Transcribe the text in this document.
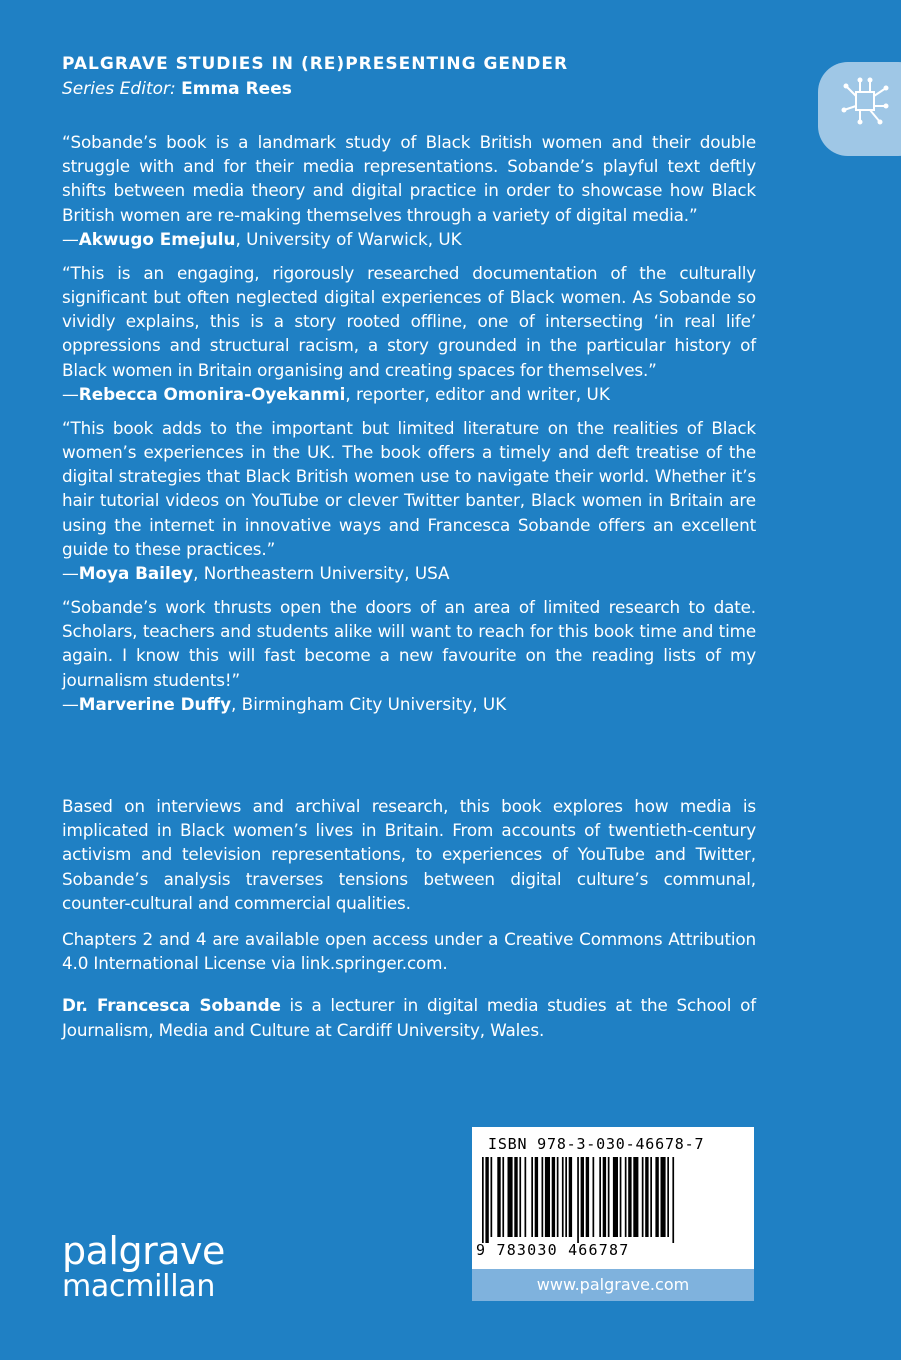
PALGRAVE STUDIES IN (RE)PRESENTING GENDER
Series Editor: Emma Rees

“Sobande’s book is a landmark study of Black British women and their double struggle with and for their media representations. Sobande’s playful text deftly shifts between media theory and digital practice in order to showcase how Black British women are re-making themselves through a variety of digital media.”

—Akwugo Emejulu, University of Warwick, UK

“This is an engaging, rigorously researched documentation of the culturally significant but often neglected digital experiences of Black women. As Sobande so vividly explains, this is a story rooted offline, one of intersecting ‘in real life’ oppressions and structural racism, a story grounded in the particular history of Black women in Britain organising and creating spaces for themselves.”

—Rebecca Omonira-Oyekanmi, reporter, editor and writer, UK

“This book adds to the important but limited literature on the realities of Black women’s experiences in the UK. The book offers a timely and deft treatise of the digital strategies that Black British women use to navigate their world. Whether it’s hair tutorial videos on YouTube or clever Twitter banter, Black women in Britain are using the internet in innovative ways and Francesca Sobande offers an excellent guide to these practices.”

—Moya Bailey, Northeastern University, USA

“Sobande’s work thrusts open the doors of an area of limited research to date. Scholars, teachers and students alike will want to reach for this book time and time again. I know this will fast become a new favourite on the reading lists of my journalism students!”

—Marverine Duffy, Birmingham City University, UK

Based on interviews and archival research, this book explores how media is implicated in Black women’s lives in Britain. From accounts of twentieth-century activism and television representations, to experiences of YouTube and Twitter, Sobande’s analysis traverses tensions between digital culture’s communal, counter-cultural and commercial qualities.

Chapters 2 and 4 are available open access under a Creative Commons Attribution 4.0 International License via link.springer.com.

Dr. Francesca Sobande is a lecturer in digital media studies at the School of Journalism, Media and Culture at Cardiff University, Wales.

ISBN 978-3-030-46678-7
9 783030 466787
www.palgrave.com
palgrave
macmillan
